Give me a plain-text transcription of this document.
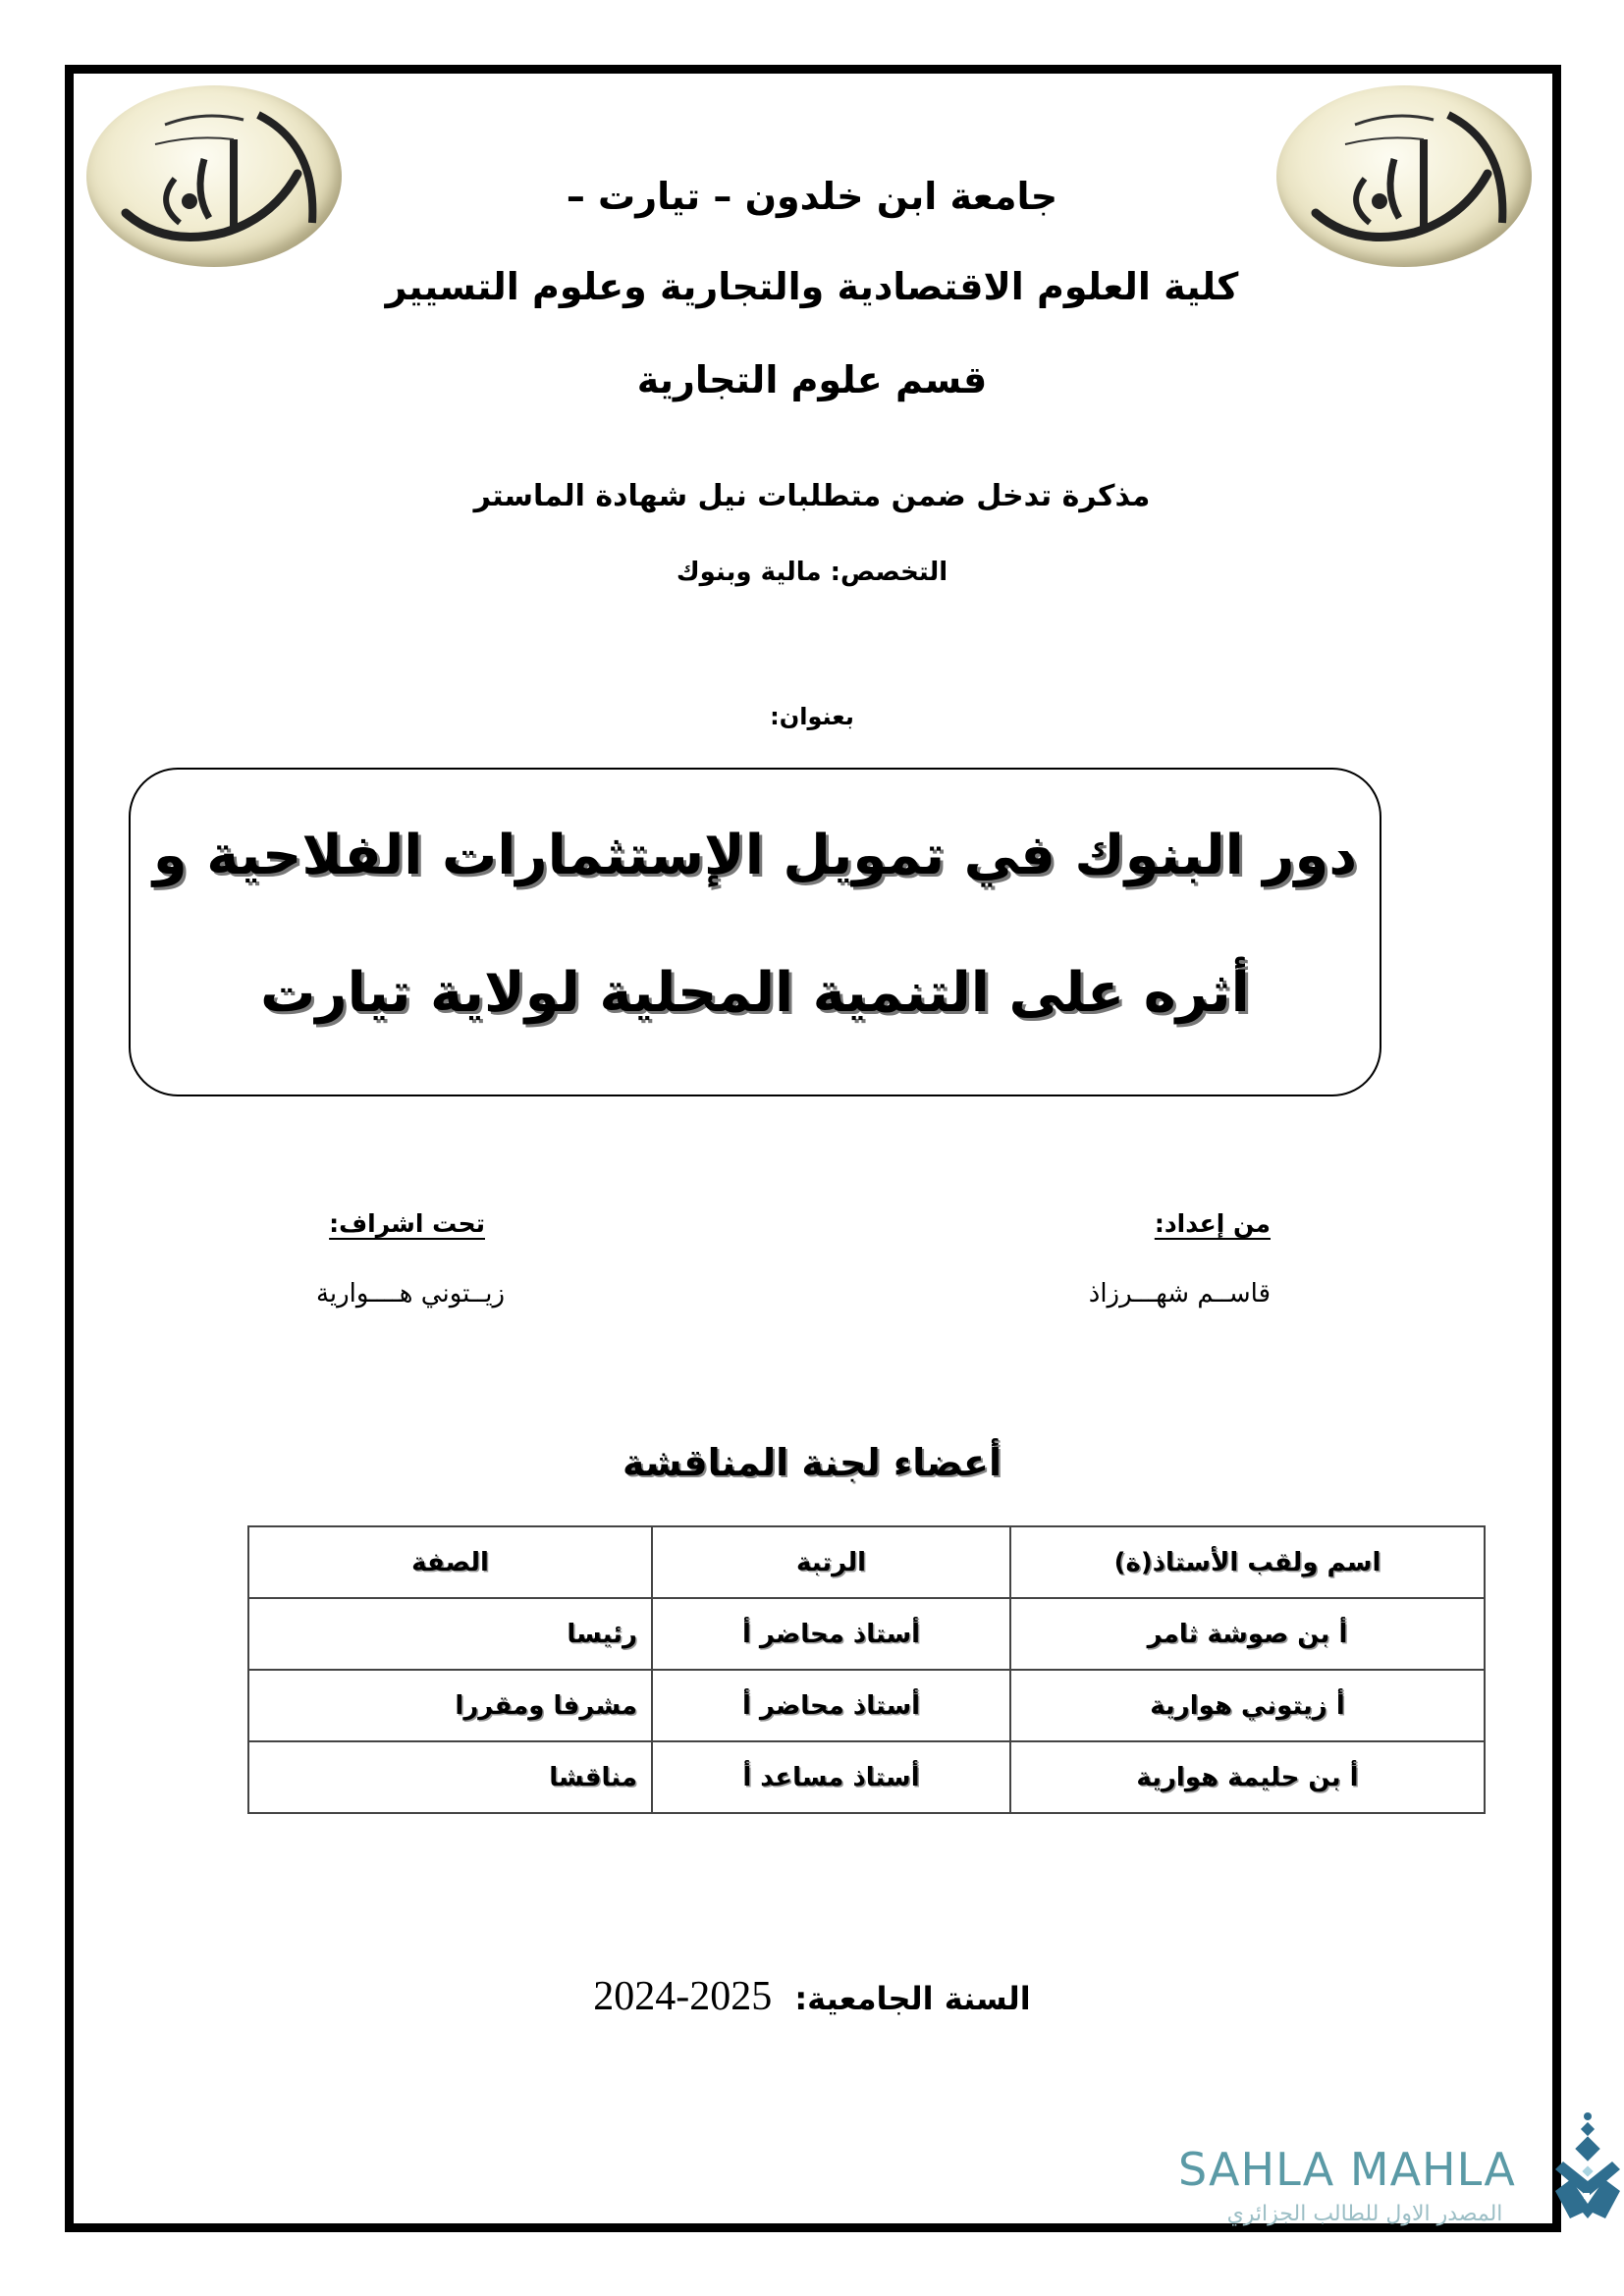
جامعة ابن خلدون – تيارت –
كلية العلوم الاقتصادية والتجارية وعلوم التسيير
قسم علوم التجارية
مذكرة تدخل ضمن متطلبات نيل شهادة الماستر
التخصص: مالية وبنوك
بعنوان:
دور البنوك في تمويل الإستثمارات الفلاحية و
أثره على التنمية المحلية لولاية تيارت
من إعداد:
قاســم شهـــرزاذ
تحت اشراف:
زيــتوني هــــوارية
أعضاء لجنة المناقشة
اسم ولقب الأستاذ(ة)	الرتبة	الصفة
أ بن صوشة ثامر	أستاذ محاضر أ	رئيسا
أ زيتوني هوارية	أستاذ محاضر أ	مشرفا ومقررا
أ بن حليمة هوارية	أستاذ مساعد أ	مناقشا
السنة الجامعية: 2025-2024
SAHLA MAHLA
المصدر الاول للطالب الجزائري
